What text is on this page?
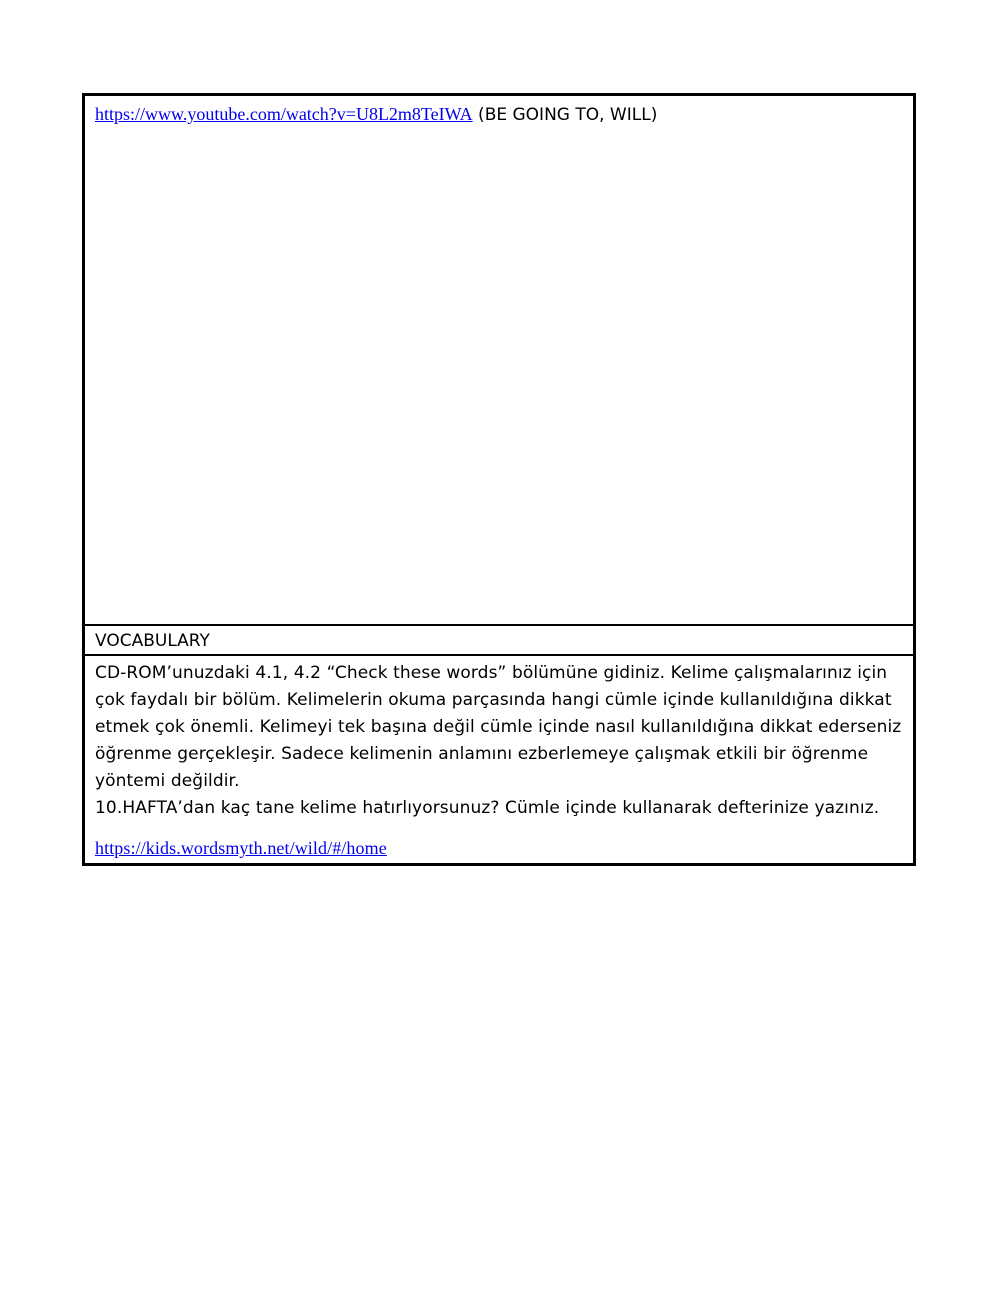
https://www.youtube.com/watch?v=U8L2m8TeIWA (BE GOING TO, WILL)
VOCABULARY

CD-ROM’unuzdaki 4.1, 4.2 “Check these words” bölümüne gidiniz. Kelime çalışmalarınız için çok faydalı bir bölüm. Kelimelerin okuma parçasında hangi cümle içinde kullanıldığına dikkat etmek çok önemli. Kelimeyi tek başına değil cümle içinde nasıl kullanıldığına dikkat ederseniz öğrenme gerçekleşir. Sadece kelimenin anlamını ezberlemeye çalışmak etkili bir öğrenme yöntemi değildir.

10.HAFTA’dan kaç tane kelime hatırlıyorsunuz? Cümle içinde kullanarak defterinize yazınız.

https://kids.wordsmyth.net/wild/#/home
